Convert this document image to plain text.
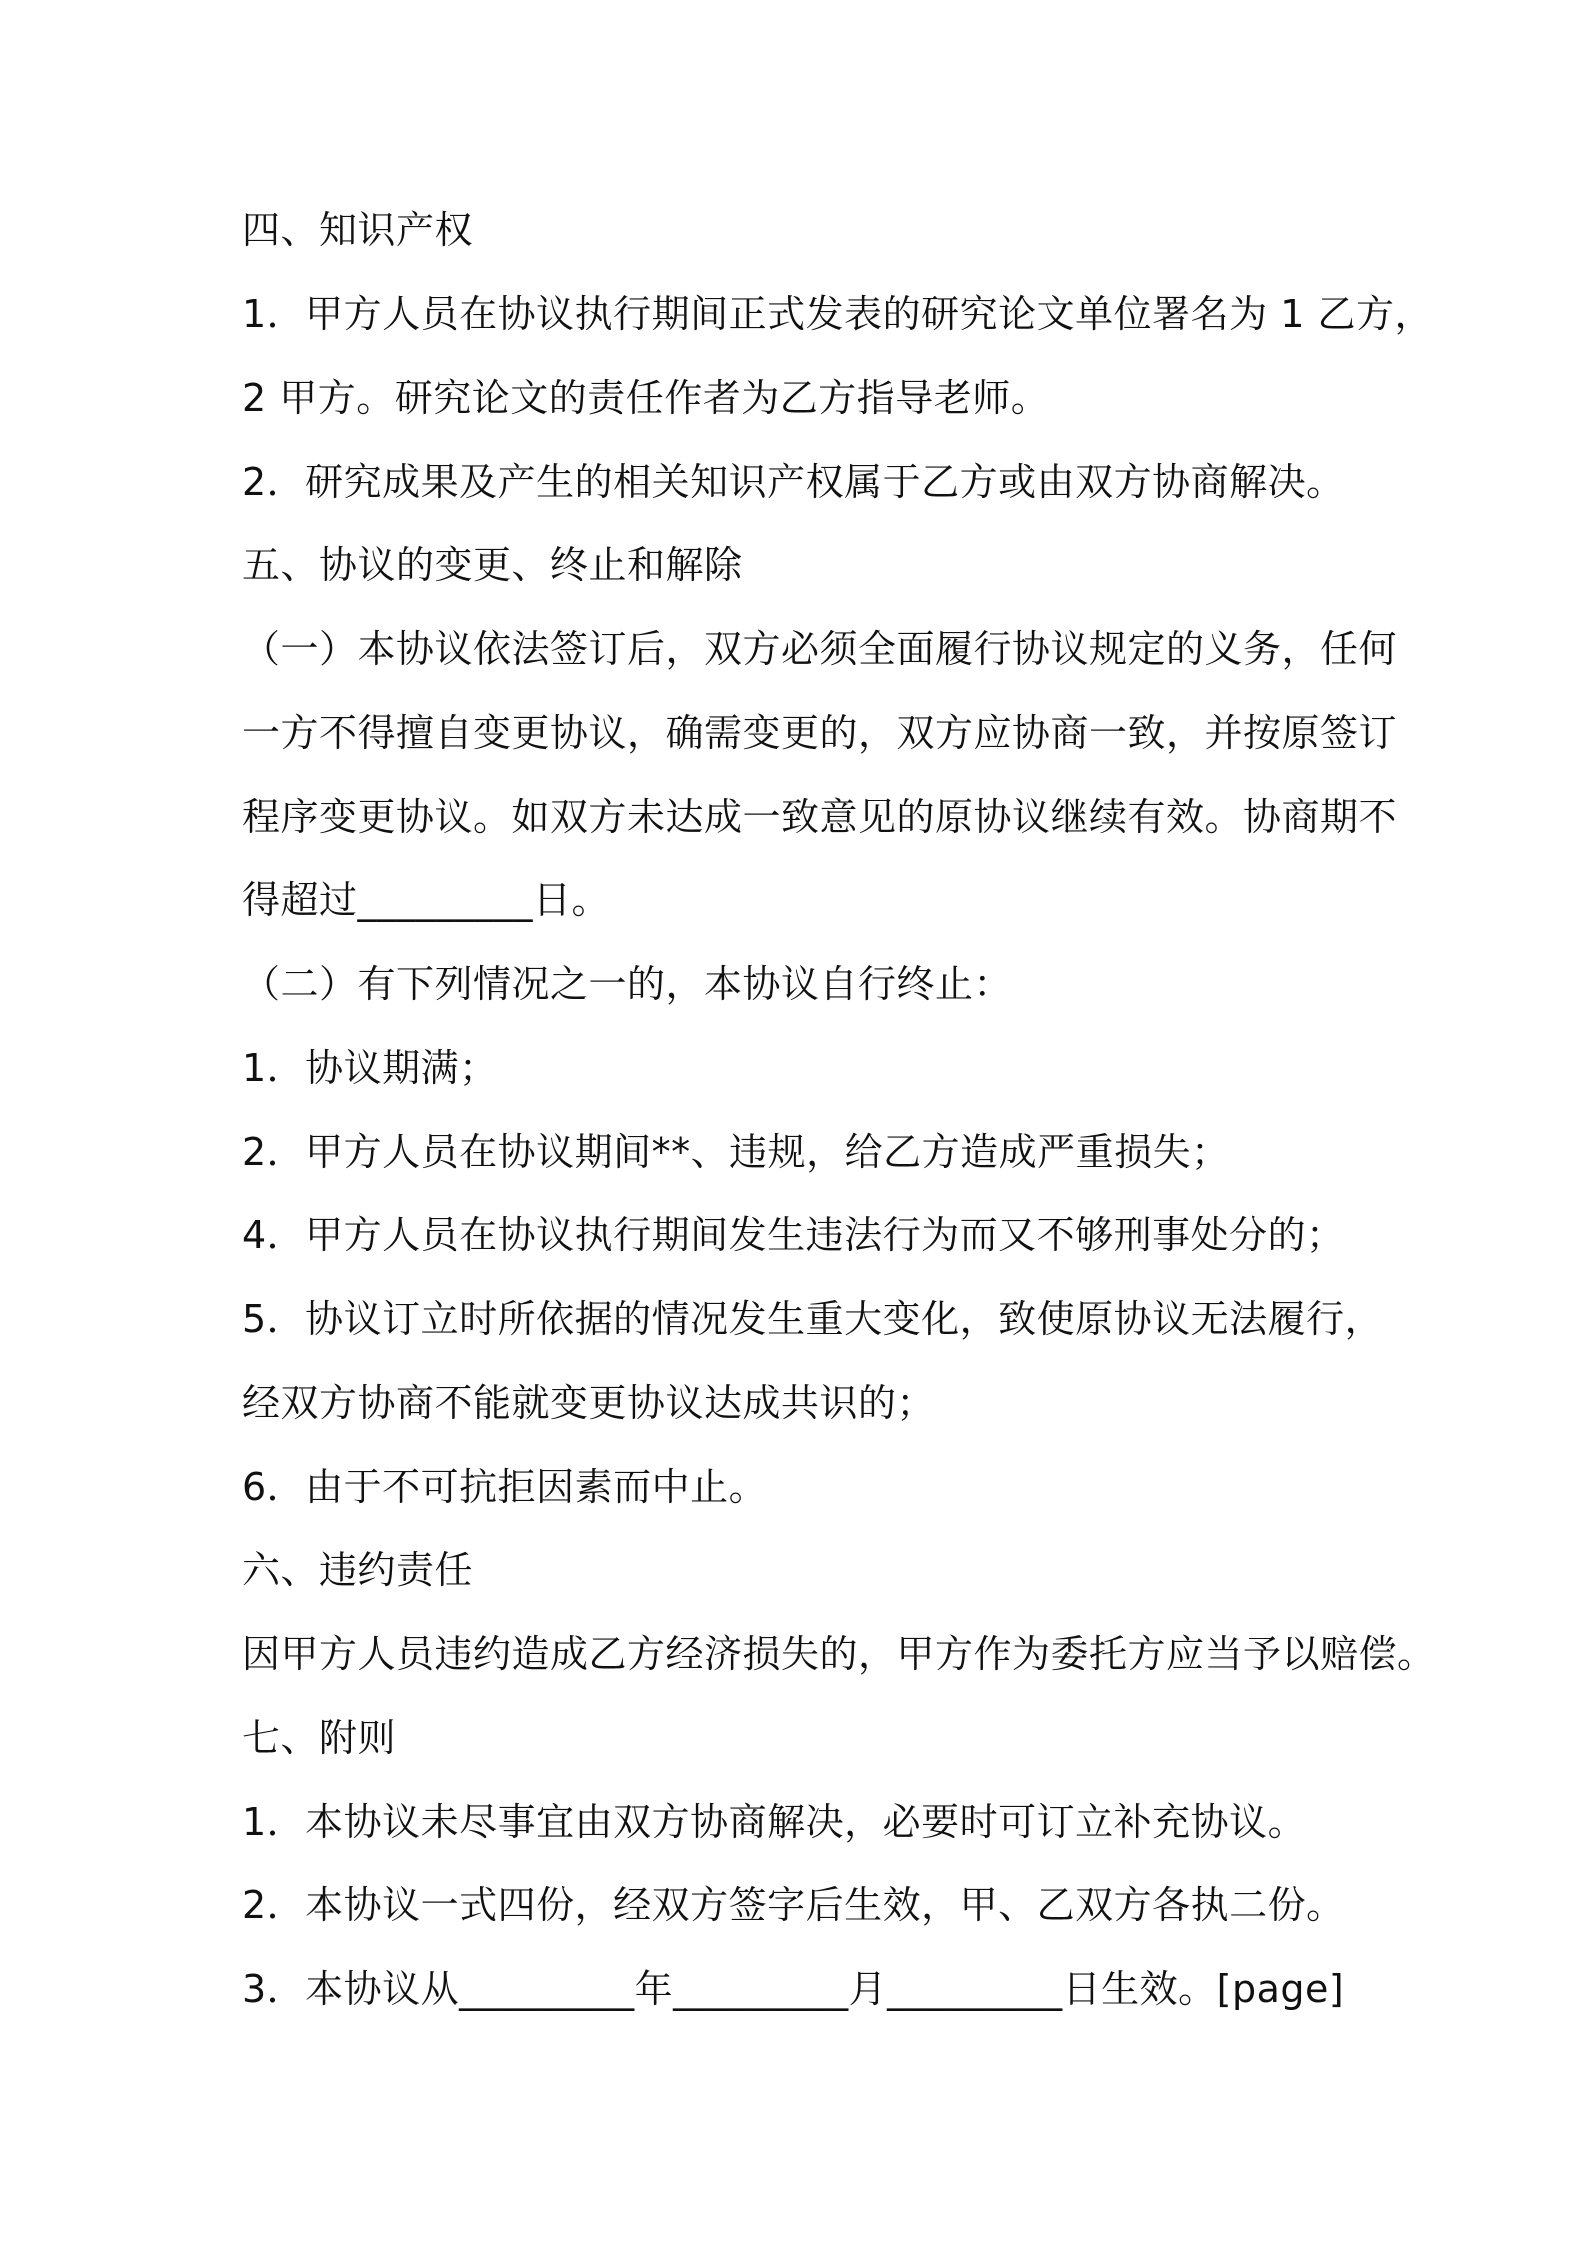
四、知识产权
1．甲方人员在协议执行期间正式发表的研究论文单位署名为 1 乙方，
2 甲方。研究论文的责任作者为乙方指导老师。
2．研究成果及产生的相关知识产权属于乙方或由双方协商解决。
五、协议的变更、终止和解除
（一）本协议依法签订后，双方必须全面履行协议规定的义务，任何
一方不得擅自变更协议，确需变更的，双方应协商一致，并按原签订
程序变更协议。如双方未达成一致意见的原协议继续有效。协商期不
得超过_________日。
（二）有下列情况之一的，本协议自行终止：
1．协议期满；
2．甲方人员在协议期间**、违规，给乙方造成严重损失；
4．甲方人员在协议执行期间发生违法行为而又不够刑事处分的；
5．协议订立时所依据的情况发生重大变化，致使原协议无法履行，
经双方协商不能就变更协议达成共识的；
6．由于不可抗拒因素而中止。
六、违约责任
因甲方人员违约造成乙方经济损失的，甲方作为委托方应当予以赔偿。
七、附则
1．本协议未尽事宜由双方协商解决，必要时可订立补充协议。
2．本协议一式四份，经双方签字后生效，甲、乙双方各执二份。
3．本协议从_________年_________月_________日生效。[page]
